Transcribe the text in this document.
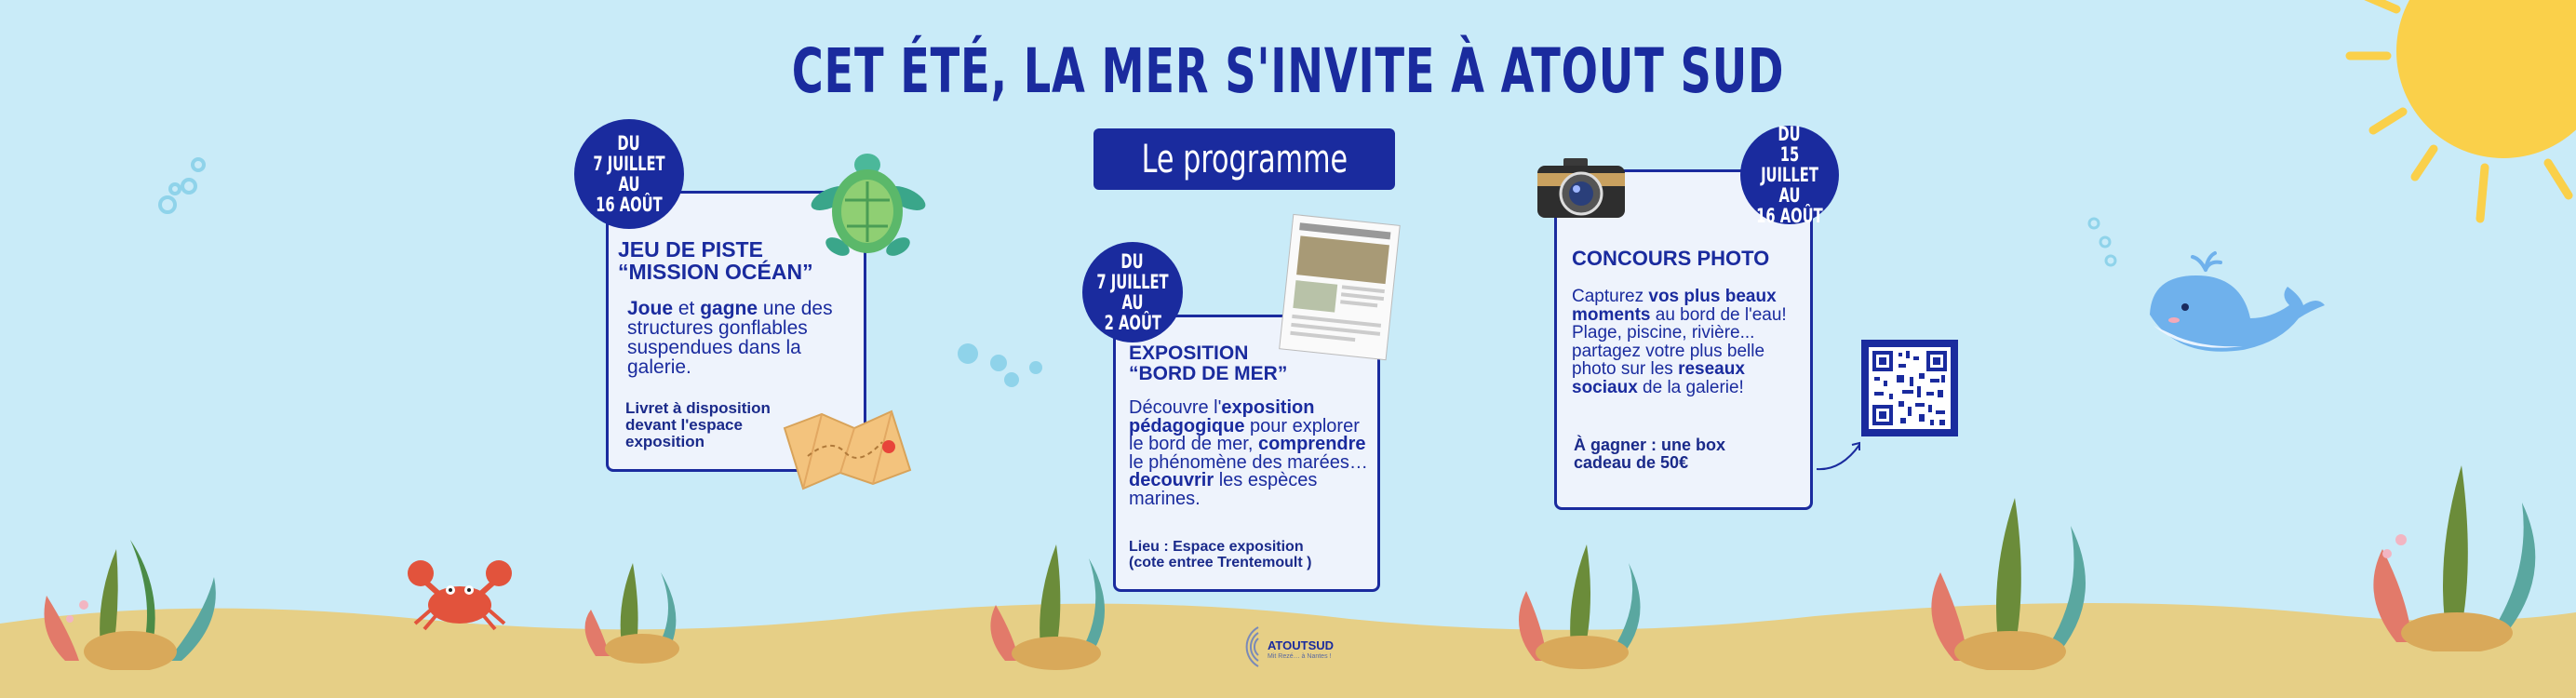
CET ÉTÉ, LA MER S'INVITE À ATOUT SUD
Le programme
JEU DE PISTE
“MISSION OCÉAN”
Joue et gagne une des structures gonflables suspendues dans la galerie.
Livret à disposition
devant l'espace
exposition
DU
7 JUILLET AU
16 AOÛT
EXPOSITION
“BORD DE MER”
Découvre l'exposition pédagogique pour explorer le bord de mer, comprendre le phénomène des marées… decouvrir les espèces marines.
Lieu : Espace exposition
(cote entree Trentemoult )
DU
7 JUILLET AU
2 AOÛT
CONCOURS PHOTO
Capturez vos plus beaux moments au bord de l'eau! Plage, piscine, rivière... partagez votre plus belle photo sur les reseaux sociaux de la galerie!
À gagner : une box
cadeau de 50€
DU
15 JUILLET AU
16 AOÛT
ATOUTSUD
Mit Rezé… à Nantes !
